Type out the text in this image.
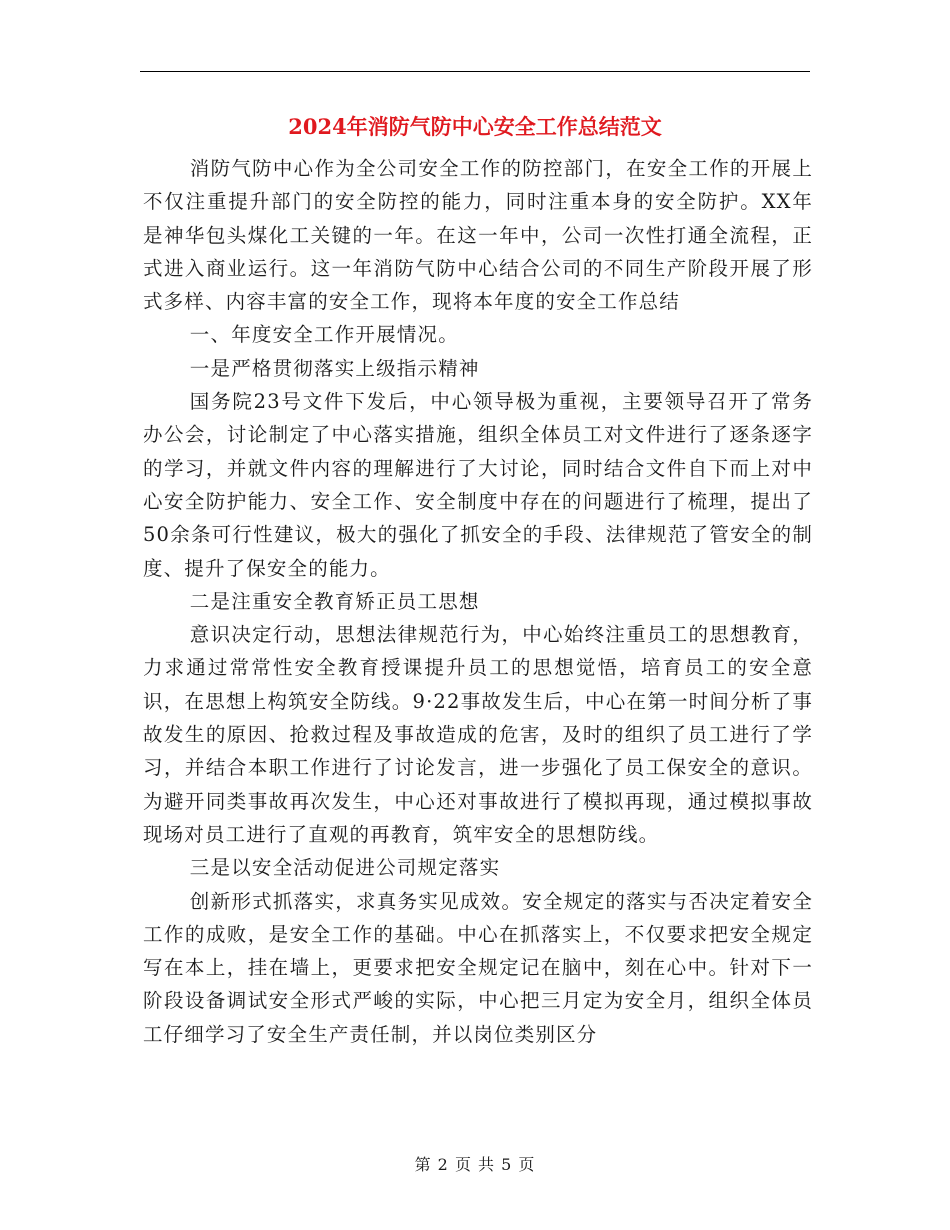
2024年消防气防中心安全工作总结范文

消防气防中心作为全公司安全工作的防控部门，在安全工作的开展上不仅注重提升部门的安全防控的能力，同时注重本身的安全防护。XX年是神华包头煤化工关键的一年。在这一年中，公司一次性打通全流程，正式进入商业运行。这一年消防气防中心结合公司的不同生产阶段开展了形式多样、内容丰富的安全工作，现将本年度的安全工作总结

一、年度安全工作开展情况。

一是严格贯彻落实上级指示精神

国务院23号文件下发后，中心领导极为重视，主要领导召开了常务办公会，讨论制定了中心落实措施，组织全体员工对文件进行了逐条逐字的学习，并就文件内容的理解进行了大讨论，同时结合文件自下而上对中心安全防护能力、安全工作、安全制度中存在的问题进行了梳理，提出了50余条可行性建议，极大的强化了抓安全的手段、法律规范了管安全的制度、提升了保安全的能力。

二是注重安全教育矫正员工思想

意识决定行动，思想法律规范行为，中心始终注重员工的思想教育，力求通过常常性安全教育授课提升员工的思想觉悟，培育员工的安全意识，在思想上构筑安全防线。9·22事故发生后，中心在第一时间分析了事故发生的原因、抢救过程及事故造成的危害，及时的组织了员工进行了学习，并结合本职工作进行了讨论发言，进一步强化了员工保安全的意识。为避开同类事故再次发生，中心还对事故进行了模拟再现，通过模拟事故现场对员工进行了直观的再教育，筑牢安全的思想防线。

三是以安全活动促进公司规定落实

创新形式抓落实，求真务实见成效。安全规定的落实与否决定着安全工作的成败，是安全工作的基础。中心在抓落实上，不仅要求把安全规定写在本上，挂在墙上，更要求把安全规定记在脑中，刻在心中。针对下一阶段设备调试安全形式严峻的实际，中心把三月定为安全月，组织全体员工仔细学习了安全生产责任制，并以岗位类别区分

第 2 页 共 5 页
